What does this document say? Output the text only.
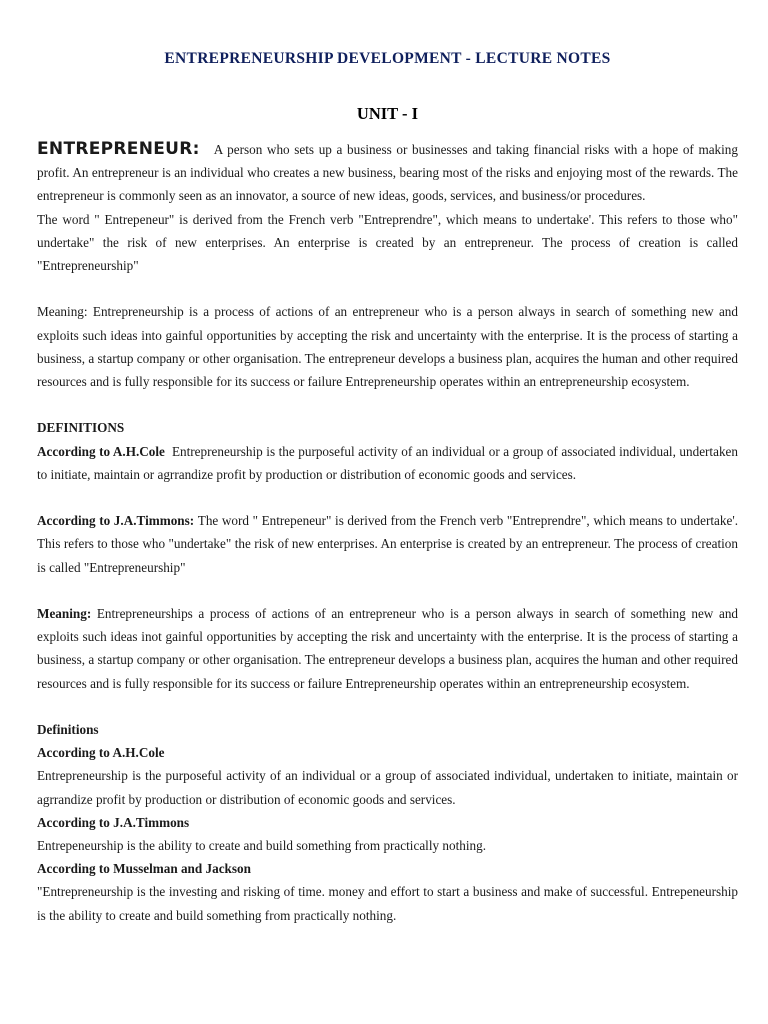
ENTREPRENEURSHIP DEVELOPMENT - LECTURE NOTES
UNIT - I

ENTREPRENEUR: A person who sets up a business or businesses and taking financial risks with a hope of making profit. An entrepreneur is an individual who creates a new business, bearing most of the risks and enjoying most of the rewards. The entrepreneur is commonly seen as an innovator, a source of new ideas, goods, services, and business/or procedures.

The word " Entrepeneur" is derived from the French verb "Entreprendre", which means to undertake'. This refers to those who" undertake" the risk of new enterprises. An enterprise is created by an entrepreneur. The process of creation is called "Entrepreneurship"

Meaning: Entrepreneurship is a process of actions of an entrepreneur who is a person always in search of something new and exploits such ideas into gainful opportunities by accepting the risk and uncertainty with the enterprise. It is the process of starting a business, a startup company or other organisation. The entrepreneur develops a business plan, acquires the human and other required resources and is fully responsible for its success or failure Entrepreneurship operates within an entrepreneurship ecosystem.

DEFINITIONS

According to A.H.Cole Entrepreneurship is the purposeful activity of an individual or a group of associated individual, undertaken to initiate, maintain or agrrandize profit by production or distribution of economic goods and services.

According to J.A.Timmons: The word " Entrepeneur" is derived from the French verb "Entreprendre", which means to undertake'. This refers to those who "undertake" the risk of new enterprises. An enterprise is created by an entrepreneur. The process of creation is called "Entrepreneurship"

Meaning: Entrepreneurships a process of actions of an entrepreneur who is a person always in search of something new and exploits such ideas inot gainful opportunities by accepting the risk and uncertainty with the enterprise. It is the process of starting a business, a startup company or other organisation. The entrepreneur develops a business plan, acquires the human and other required resources and is fully responsible for its success or failure Entrepreneurship operates within an entrepreneurship ecosystem.

Definitions

According to A.H.Cole

Entrepreneurship is the purposeful activity of an individual or a group of associated individual, undertaken to initiate, maintain or agrrandize profit by production or distribution of economic goods and services.

According to J.A.Timmons

Entrepeneurship is the ability to create and build something from practically nothing.

According to Musselman and Jackson

"Entrepreneurship is the investing and risking of time. money and effort to start a business and make of successful. Entrepeneurship is the ability to create and build something from practically nothing.
